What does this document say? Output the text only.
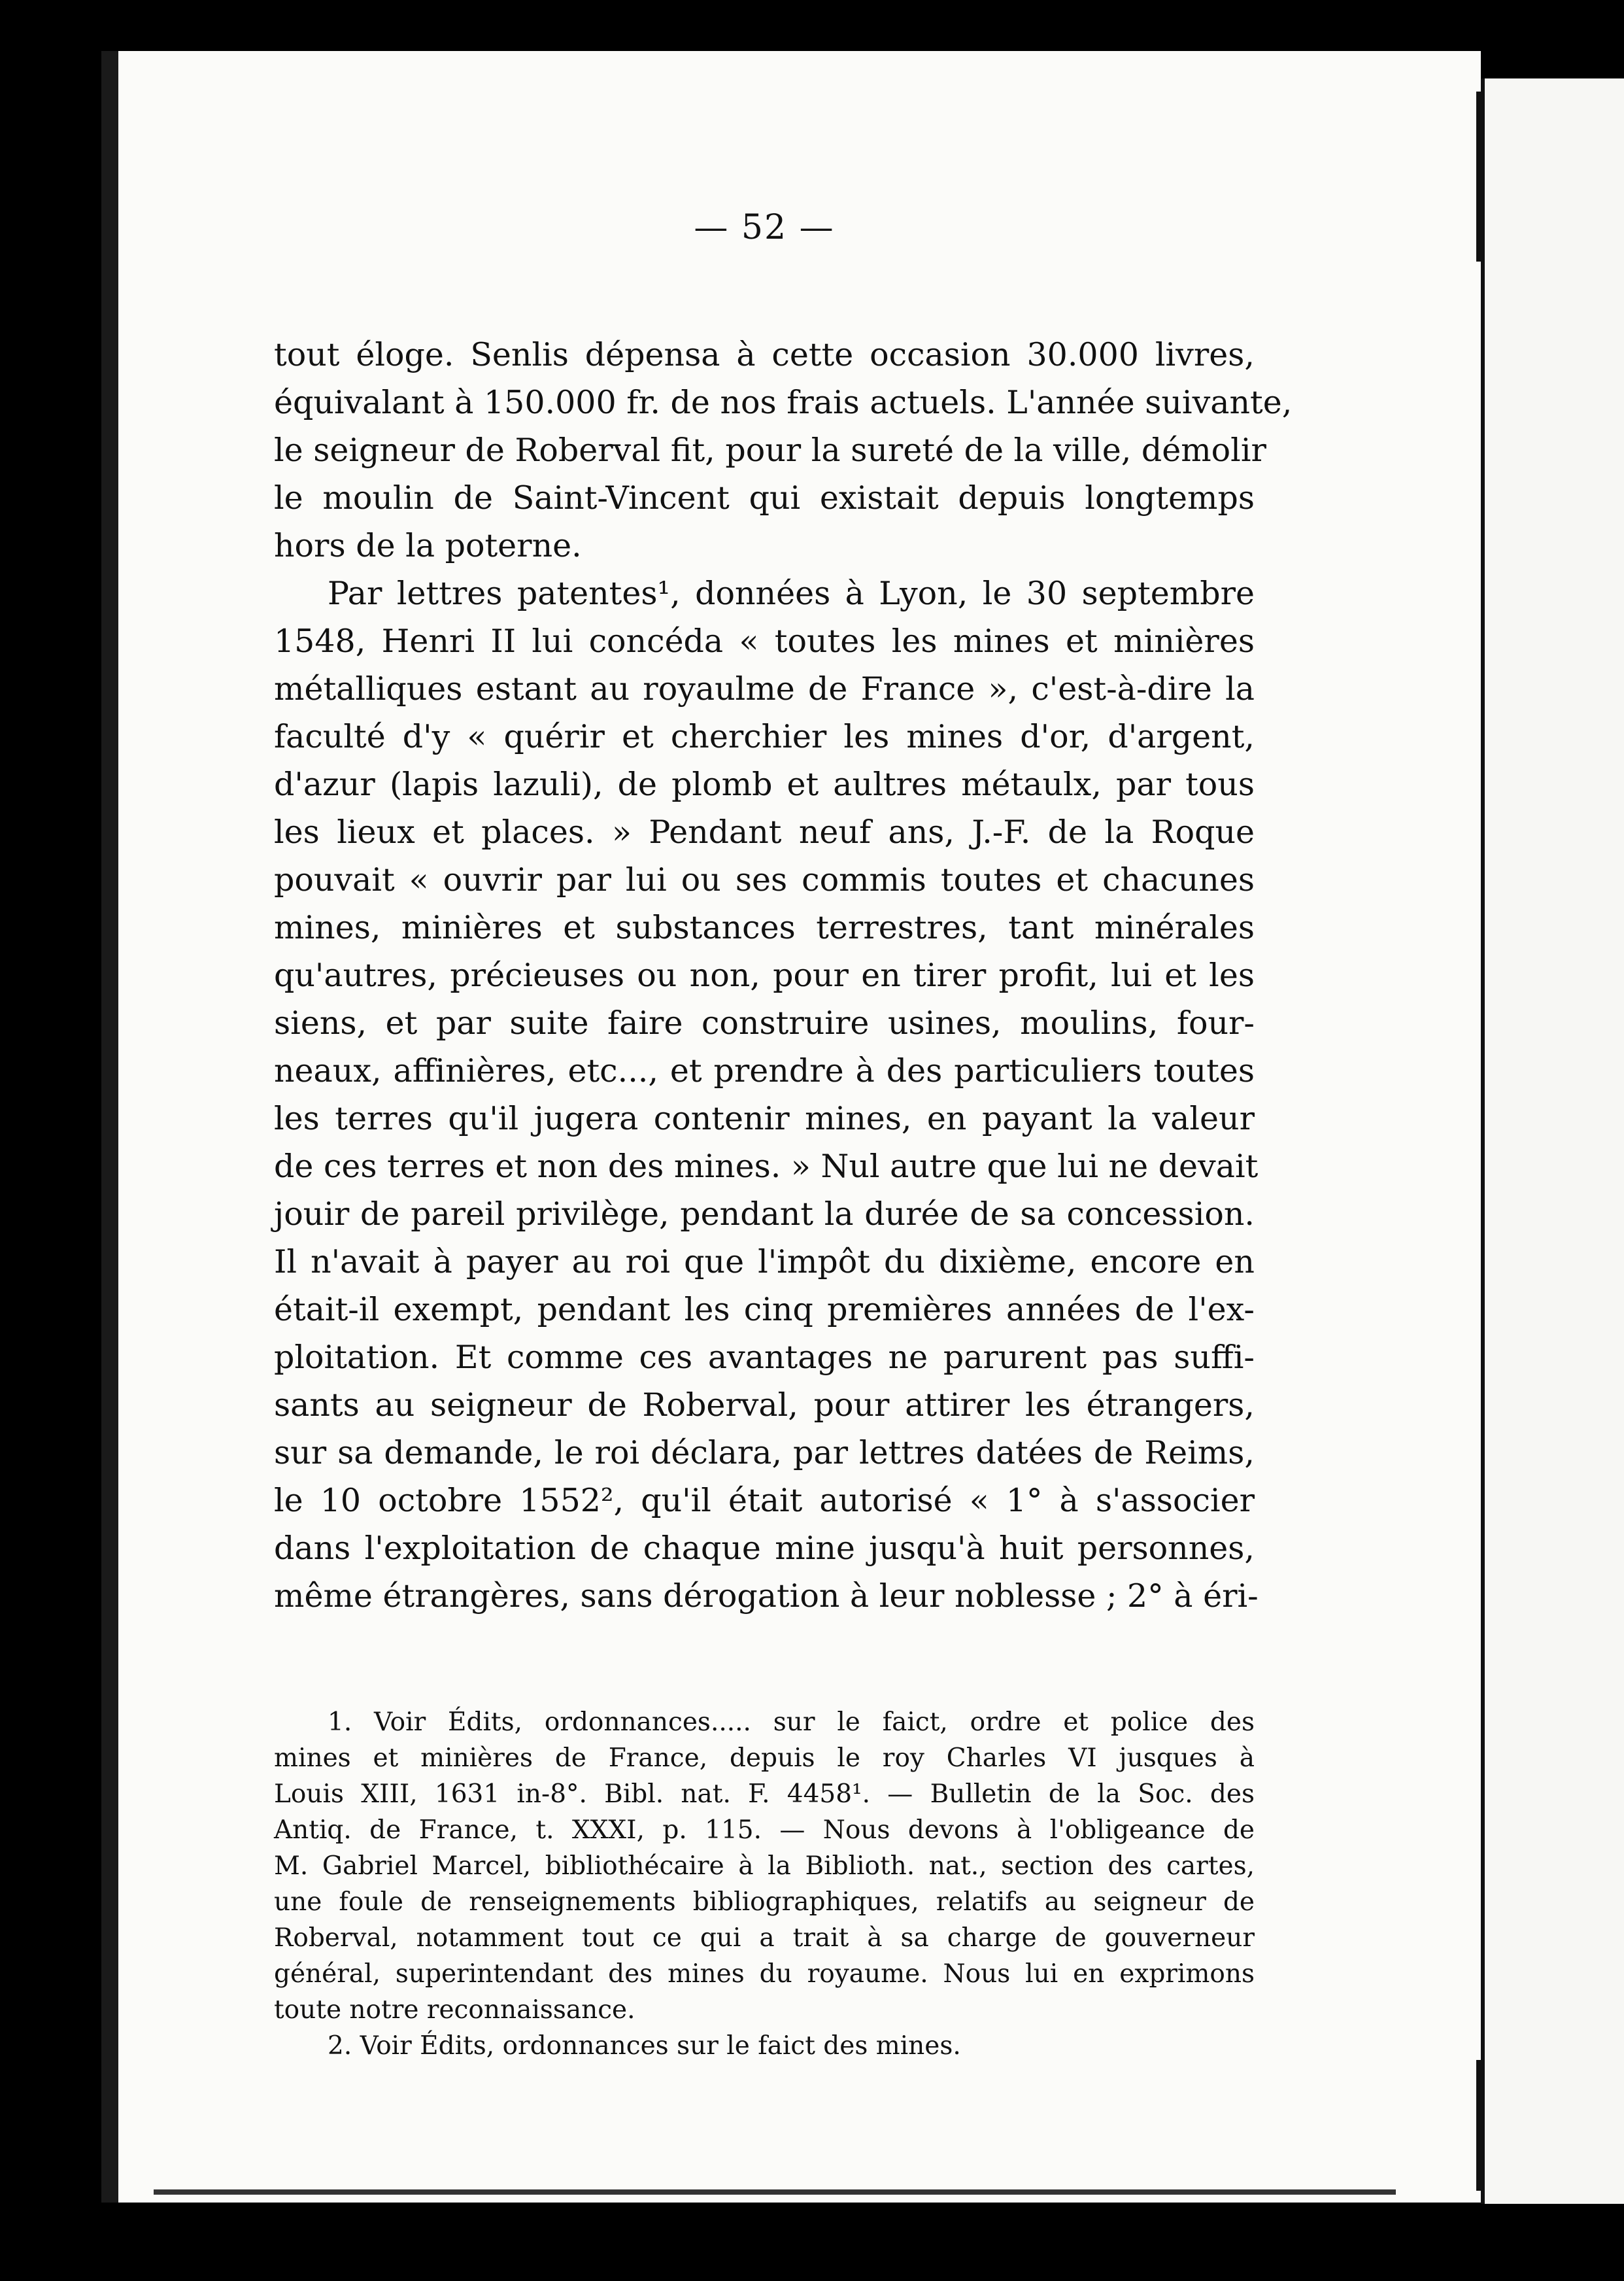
— 52 —
tout éloge. Senlis dépensa à cette occasion 30.000 livres,
équivalant à 150.000 fr. de nos frais actuels. L'année suivante,
le seigneur de Roberval fit, pour la sureté de la ville, démolir
le moulin de Saint-Vincent qui existait depuis longtemps
hors de la poterne.
Par lettres patentes¹, données à Lyon, le 30 septembre
1548, Henri II lui concéda « toutes les mines et minières
métalliques estant au royaulme de France », c'est-à-dire la
faculté d'y « quérir et cherchier les mines d'or, d'argent,
d'azur (lapis lazuli), de plomb et aultres métaulx, par tous
les lieux et places. » Pendant neuf ans, J.-F. de la Roque
pouvait « ouvrir par lui ou ses commis toutes et chacunes
mines, minières et substances terrestres, tant minérales
qu'autres, précieuses ou non, pour en tirer profit, lui et les
siens, et par suite faire construire usines, moulins, four-
neaux, affinières, etc..., et prendre à des particuliers toutes
les terres qu'il jugera contenir mines, en payant la valeur
de ces terres et non des mines. » Nul autre que lui ne devait
jouir de pareil privilège, pendant la durée de sa concession.
Il n'avait à payer au roi que l'impôt du dixième, encore en
était-il exempt, pendant les cinq premières années de l'ex-
ploitation. Et comme ces avantages ne parurent pas suffi-
sants au seigneur de Roberval, pour attirer les étrangers,
sur sa demande, le roi déclara, par lettres datées de Reims,
le 10 octobre 1552², qu'il était autorisé « 1° à s'associer
dans l'exploitation de chaque mine jusqu'à huit personnes,
même étrangères, sans dérogation à leur noblesse ; 2° à éri-
1. Voir Édits, ordonnances..... sur le faict, ordre et police des
mines et minières de France, depuis le roy Charles VI jusques à
Louis XIII, 1631 in-8°. Bibl. nat. F. 4458¹. — Bulletin de la Soc. des
Antiq. de France, t. XXXI, p. 115. — Nous devons à l'obligeance de
M. Gabriel Marcel, bibliothécaire à la Biblioth. nat., section des cartes,
une foule de renseignements bibliographiques, relatifs au seigneur de
Roberval, notamment tout ce qui a trait à sa charge de gouverneur
général, superintendant des mines du royaume. Nous lui en exprimons
toute notre reconnaissance.
2. Voir Édits, ordonnances sur le faict des mines.
